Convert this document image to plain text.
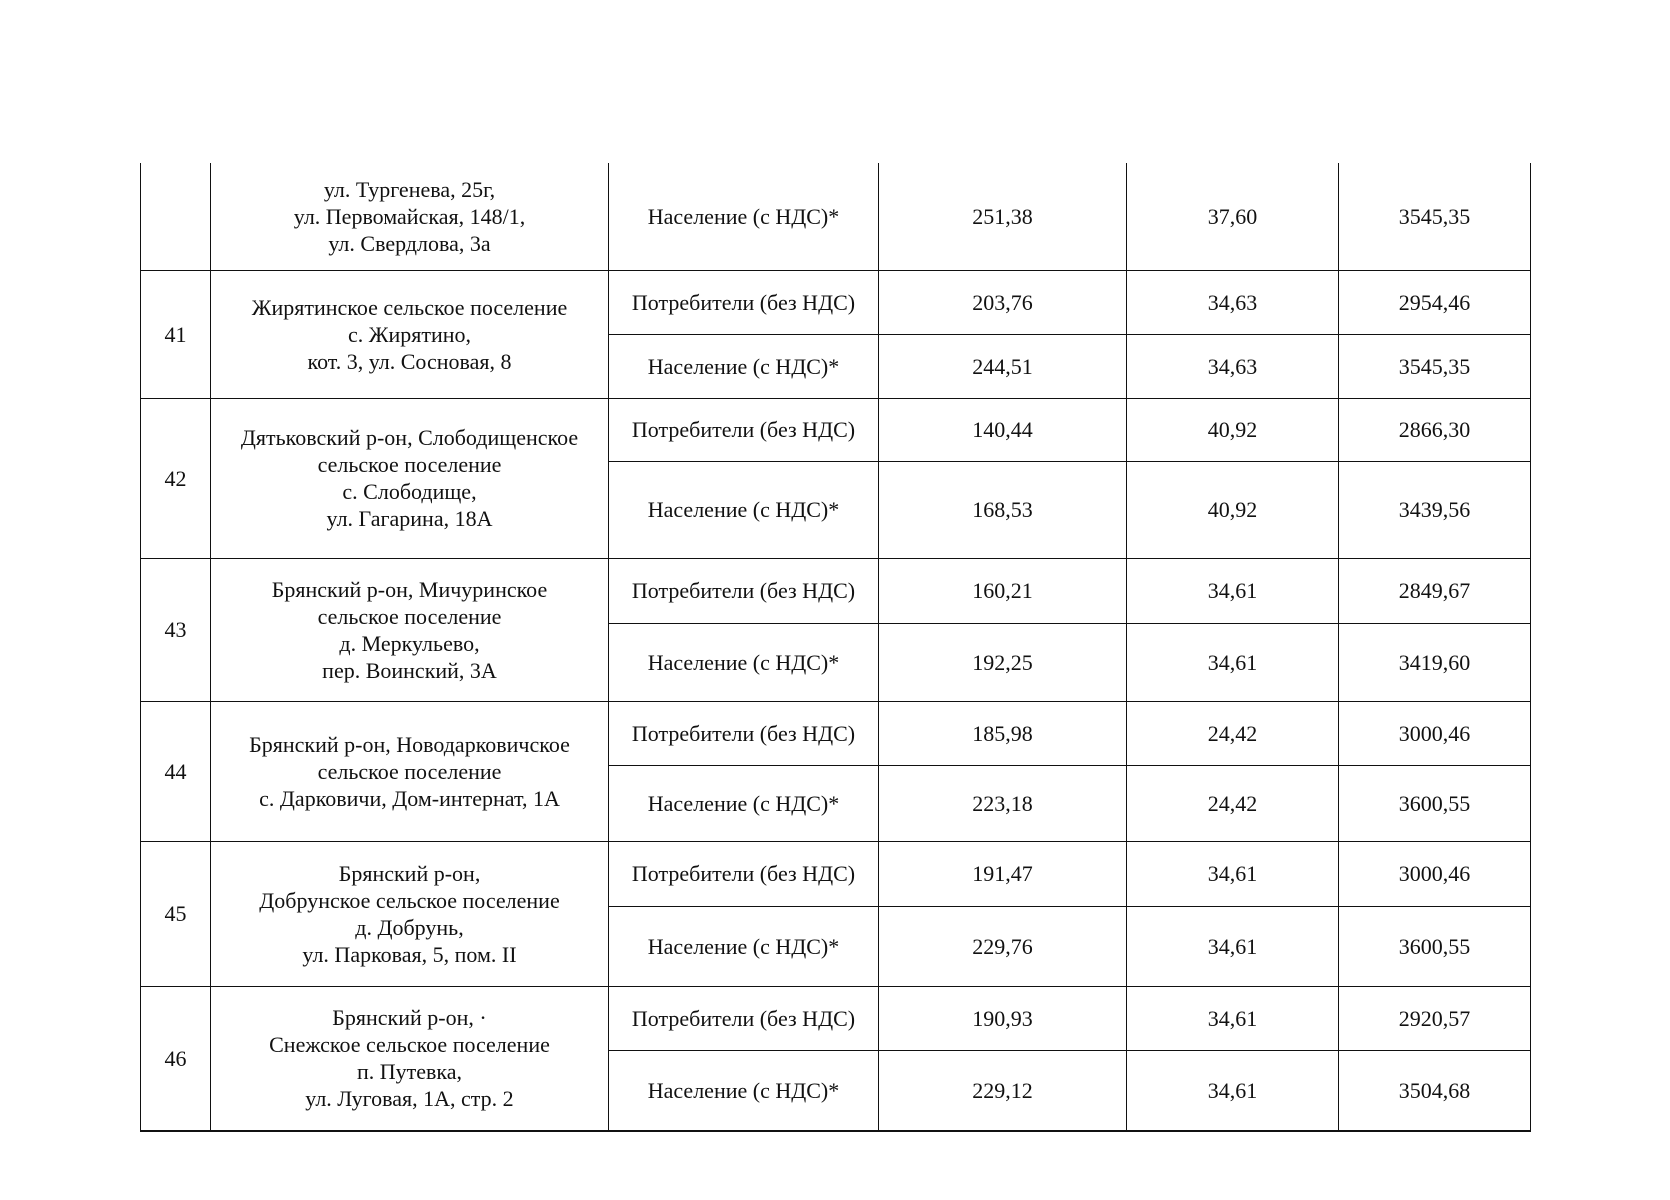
	ул. Тургенева, 25г,
ул. Первомайская, 148/1,
ул. Свердлова, 3а	Население (с НДС)*	251,38	37,60	3545,35
41	Жирятинское сельское поселение
с. Жирятино,
кот. 3, ул. Сосновая, 8	Потребители (без НДС)	203,76	34,63	2954,46
		Население (с НДС)*	244,51	34,63	3545,35
42	Дятьковский р-он, Слободищенское
сельское поселение
с. Слободище,
ул. Гагарина, 18А	Потребители (без НДС)	140,44	40,92	2866,30
		Население (с НДС)*	168,53	40,92	3439,56
43	Брянский р-он, Мичуринское
сельское поселение
д. Меркульево,
пер. Воинский, 3А	Потребители (без НДС)	160,21	34,61	2849,67
		Население (с НДС)*	192,25	34,61	3419,60
44	Брянский р-он, Новодарковичское
сельское поселение
с. Дарковичи, Дом-интернат, 1А	Потребители (без НДС)	185,98	24,42	3000,46
		Население (с НДС)*	223,18	24,42	3600,55
45	Брянский р-он,
Добрунское сельское поселение
д. Добрунь,
ул. Парковая, 5, пом. II	Потребители (без НДС)	191,47	34,61	3000,46
		Население (с НДС)*	229,76	34,61	3600,55
46	Брянский р-он, ·
Снежское сельское поселение
п. Путевка,
ул. Луговая, 1А, стр. 2	Потребители (без НДС)	190,93	34,61	2920,57
		Население (с НДС)*	229,12	34,61	3504,68
